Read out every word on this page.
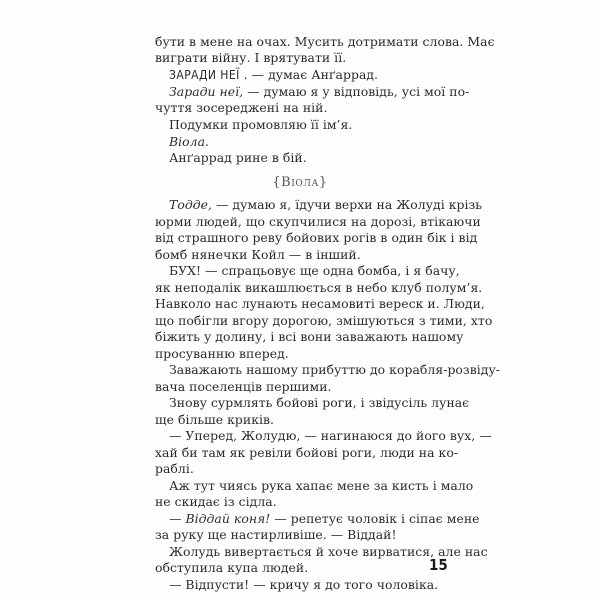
бути в мене на очах. Мусить дотримати слова. Має
виграти війну. І врятувати її.
ЗАРАДИ НЕЇ . — думає Анґаррад.
Заради неї, — думаю я у відповідь, усі мої по-
чуття зосереджені на ній.
Подумки промовляю її ім’я.
Віола.
Анґаррад рине в бій.
{Віола}
Тодде, — думаю я, їдучи верхи на Жолуді крізь
юрми людей, що скупчилися на дорозі, втікаючи
від страшного реву бойових рогів в один бік і від
бомб нянечки Койл — в інший.
БУХ! — спрацьовує ще одна бомба, і я бачу,
як неподалік викашлюється в небо клуб полум’я.
Навколо нас лунають несамовиті вереск и. Люди,
що побігли вгору дорогою, змішуються з тими, хто
біжить у долину, і всі вони заважають нашому
просуванню вперед.
Заважають нашому прибуттю до корабля-розвіду-
вача поселенців першими.
Знову сурмлять бойові роги, і звідусіль лунає
ще більше криків.
— Уперед, Жолудю, — нагинаюся до його вух, —
хай би там як ревіли бойові роги, люди на ко-
раблі.
Аж тут чиясь рука хапає мене за кисть і мало
не скидає із сідла.
— Віддай коня! — репетує чоловік і сіпає мене
за руку ще настирливіше. — Віддай!
Жолудь вивертається й хоче вирватися, але нас
обступила купа людей.
— Відпусти! — кричу я до того чоловіка.
15
